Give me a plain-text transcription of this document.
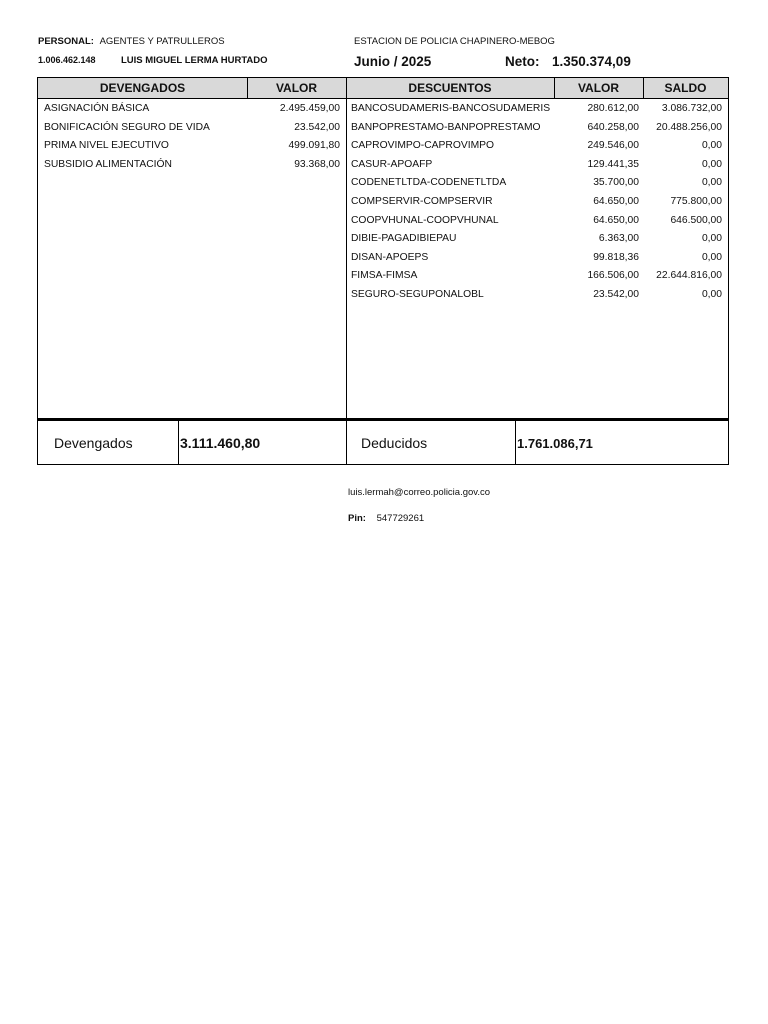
PERSONAL: AGENTES Y PATRULLEROS
1.006.462.148	LUIS MIGUEL LERMA HURTADO
ESTACION DE POLICIA CHAPINERO-MEBOG
Junio / 2025	Neto: 1.350.374,09
DEVENGADOS	VALOR	DESCUENTOS	VALOR	SALDO
ASIGNACIÓN BÁSICA	2.495.459,00
BONIFICACIÓN SEGURO DE VIDA	23.542,00
PRIMA NIVEL EJECUTIVO	499.091,80
SUBSIDIO ALIMENTACIÓN	93.368,00
BANCOSUDAMERIS-BANCOSUDAMERIS	280.612,00	3.086.732,00
BANPOPRESTAMO-BANPOPRESTAMO	640.258,00	20.488.256,00
CAPROVIMPO-CAPROVIMPO	249.546,00	0,00
CASUR-APOAFP	129.441,35	0,00
CODENETLTDA-CODENETLTDA	35.700,00	0,00
COMPSERVIR-COMPSERVIR	64.650,00	775.800,00
COOPVHUNAL-COOPVHUNAL	64.650,00	646.500,00
DIBIE-PAGADIBIEPAU	6.363,00	0,00
DISAN-APOEPS	99.818,36	0,00
FIMSA-FIMSA	166.506,00	22.644.816,00
SEGURO-SEGUPONALOBL	23.542,00	0,00
Devengados	3.111.460,80	Deducidos	1.761.086,71
luis.lermah@correo.policia.gov.co
Pin: 547729261
